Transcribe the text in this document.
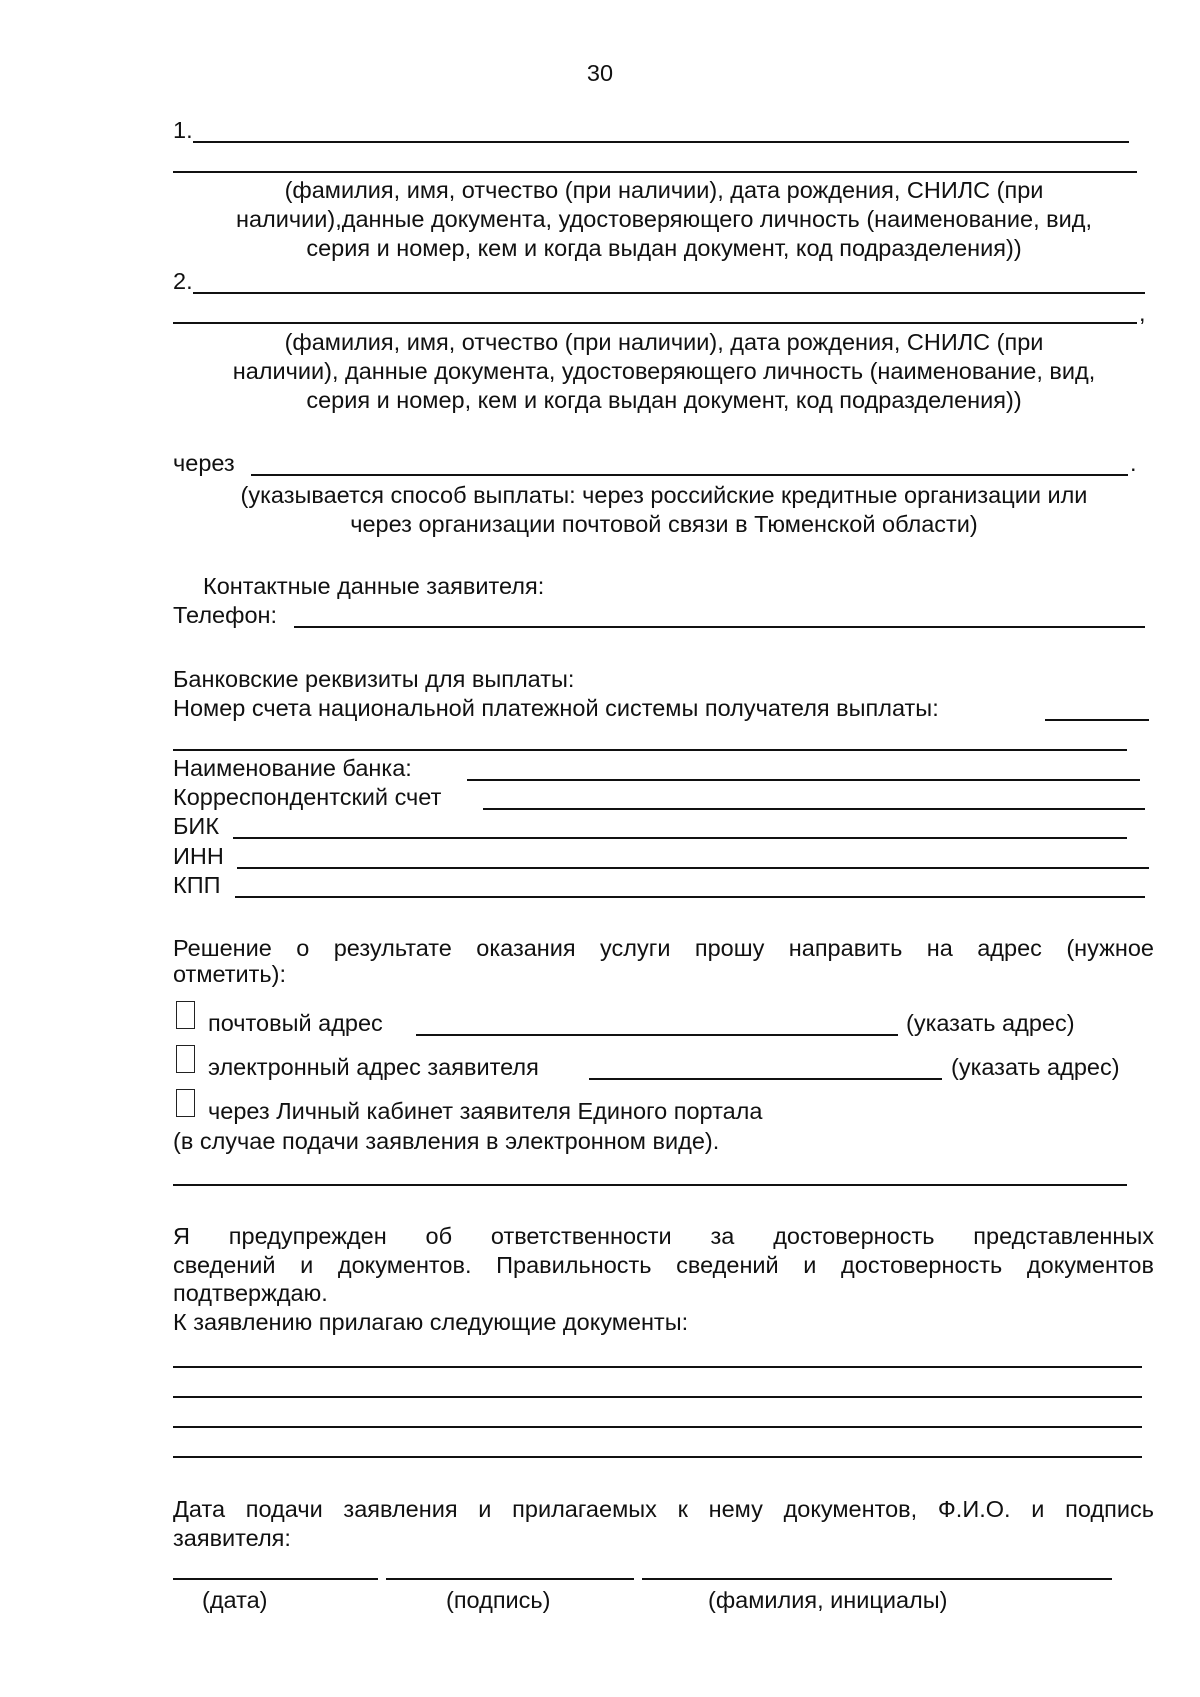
30
1.
(фамилия, имя, отчество (при наличии), дата рождения, СНИЛС (при
наличии),данные документа, удостоверяющего личность (наименование, вид,
серия и номер, кем и когда выдан документ, код подразделения))
2.
,
(фамилия, имя, отчество (при наличии), дата рождения, СНИЛС (при
наличии), данные документа, удостоверяющего личность (наименование, вид,
серия и номер, кем и когда выдан документ, код подразделения))
через	.
(указывается способ выплаты: через российские кредитные организации или
через организации почтовой связи в Тюменской области)
Контактные данные заявителя:
Телефон:
Банковские реквизиты для выплаты:
Номер счета национальной платежной системы получателя выплаты:
Наименование банка:
Корреспондентский счет
БИК
ИНН
КПП
Решение о результате оказания услуги прошу направить на адрес (нужное
отметить):
почтовый адрес	(указать адрес)
электронный адрес заявителя	(указать адрес)
через Личный кабинет заявителя Единого портала
(в случае подачи заявления в электронном виде).
Я предупрежден об ответственности за достоверность представленных
сведений и документов. Правильность сведений и достоверность документов
подтверждаю.
К заявлению прилагаю следующие документы:
Дата подачи заявления и прилагаемых к нему документов, Ф.И.О. и подпись
заявителя:
(дата)	(подпись)	(фамилия, инициалы)
